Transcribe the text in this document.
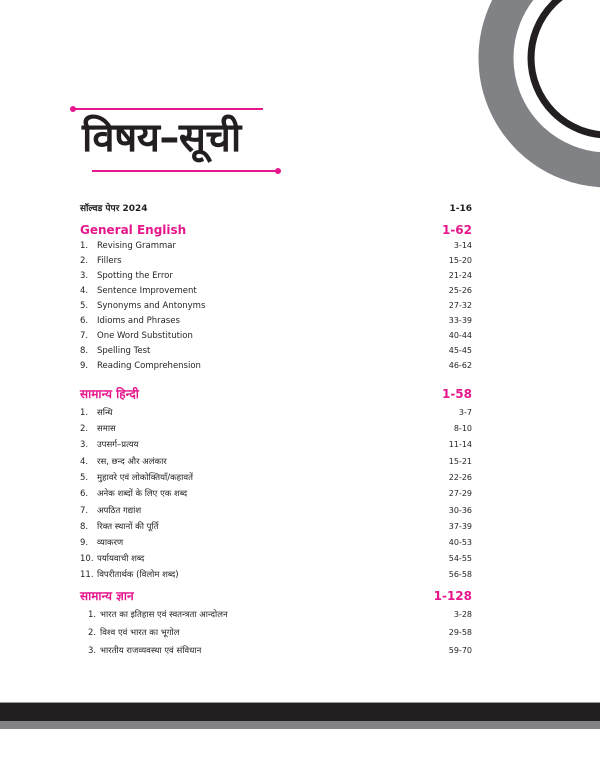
विषय–सूची
सॉल्वड पेपर 2024	1-16
General English	1-62
1.	Revising Grammar	3-14
2.	Fillers	15-20
3.	Spotting the Error	21-24
4.	Sentence Improvement	25-26
5.	Synonyms and Antonyms	27-32
6.	Idioms and Phrases	33-39
7.	One Word Substitution	40-44
8.	Spelling Test	45-45
9.	Reading Comprehension	46-62
सामान्य हिन्दी	1-58
1.	सन्धि	3-7
2.	समास	8-10
3.	उपसर्ग–प्रत्यय	11-14
4.	रस, छन्द और अलंकार	15-21
5.	मुहावरे एवं लोकोक्तियाँ/कहावतें	22-26
6.	अनेक शब्दों के लिए एक शब्द	27-29
7.	अपठित गद्यांश	30-36
8.	रिक्त स्थानों की पूर्ति	37-39
9.	व्याकरण	40-53
10. पर्यायवाची शब्द	54-55
11. विपरीतार्थक (विलोम शब्द)	56-58
सामान्य ज्ञान	1-128
1. भारत का इतिहास एवं स्वतन्त्रता आन्दोलन	3-28
2. विश्व एवं भारत का भूगोल	29-58
3. भारतीय राजव्यवस्था एवं संविधान	59-70
